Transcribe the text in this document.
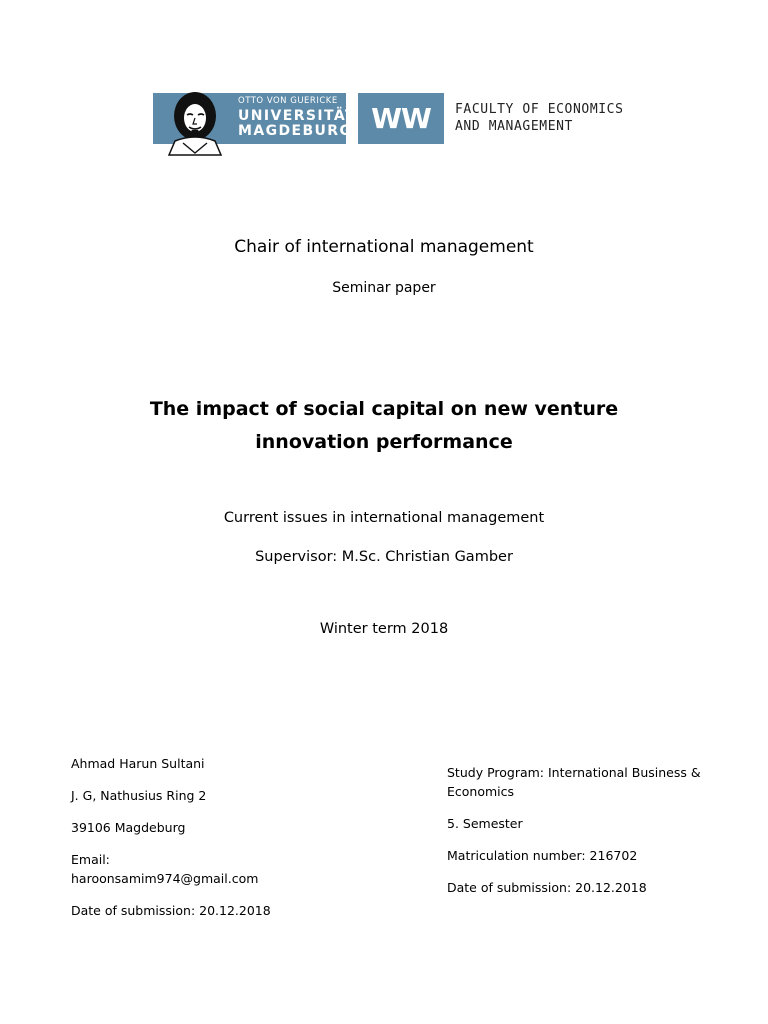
OTTO VON GUERICKE
UNIVERSITÄT
MAGDEBURG WW	FACULTY OF ECONOMICS
AND MANAGEMENT
Chair of international management
Seminar paper
The impact of social capital on new venture innovation performance
Current issues in international management
Supervisor: M.Sc. Christian Gamber
Winter term 2018

Ahmad Harun Sultani

J. G, Nathusius Ring 2

39106 Magdeburg

Email:

haroonsamim974@gmail.com

Date of submission: 20.12.2018

Study Program: International Business & Economics

5. Semester

Matriculation number: 216702

Date of submission: 20.12.2018
